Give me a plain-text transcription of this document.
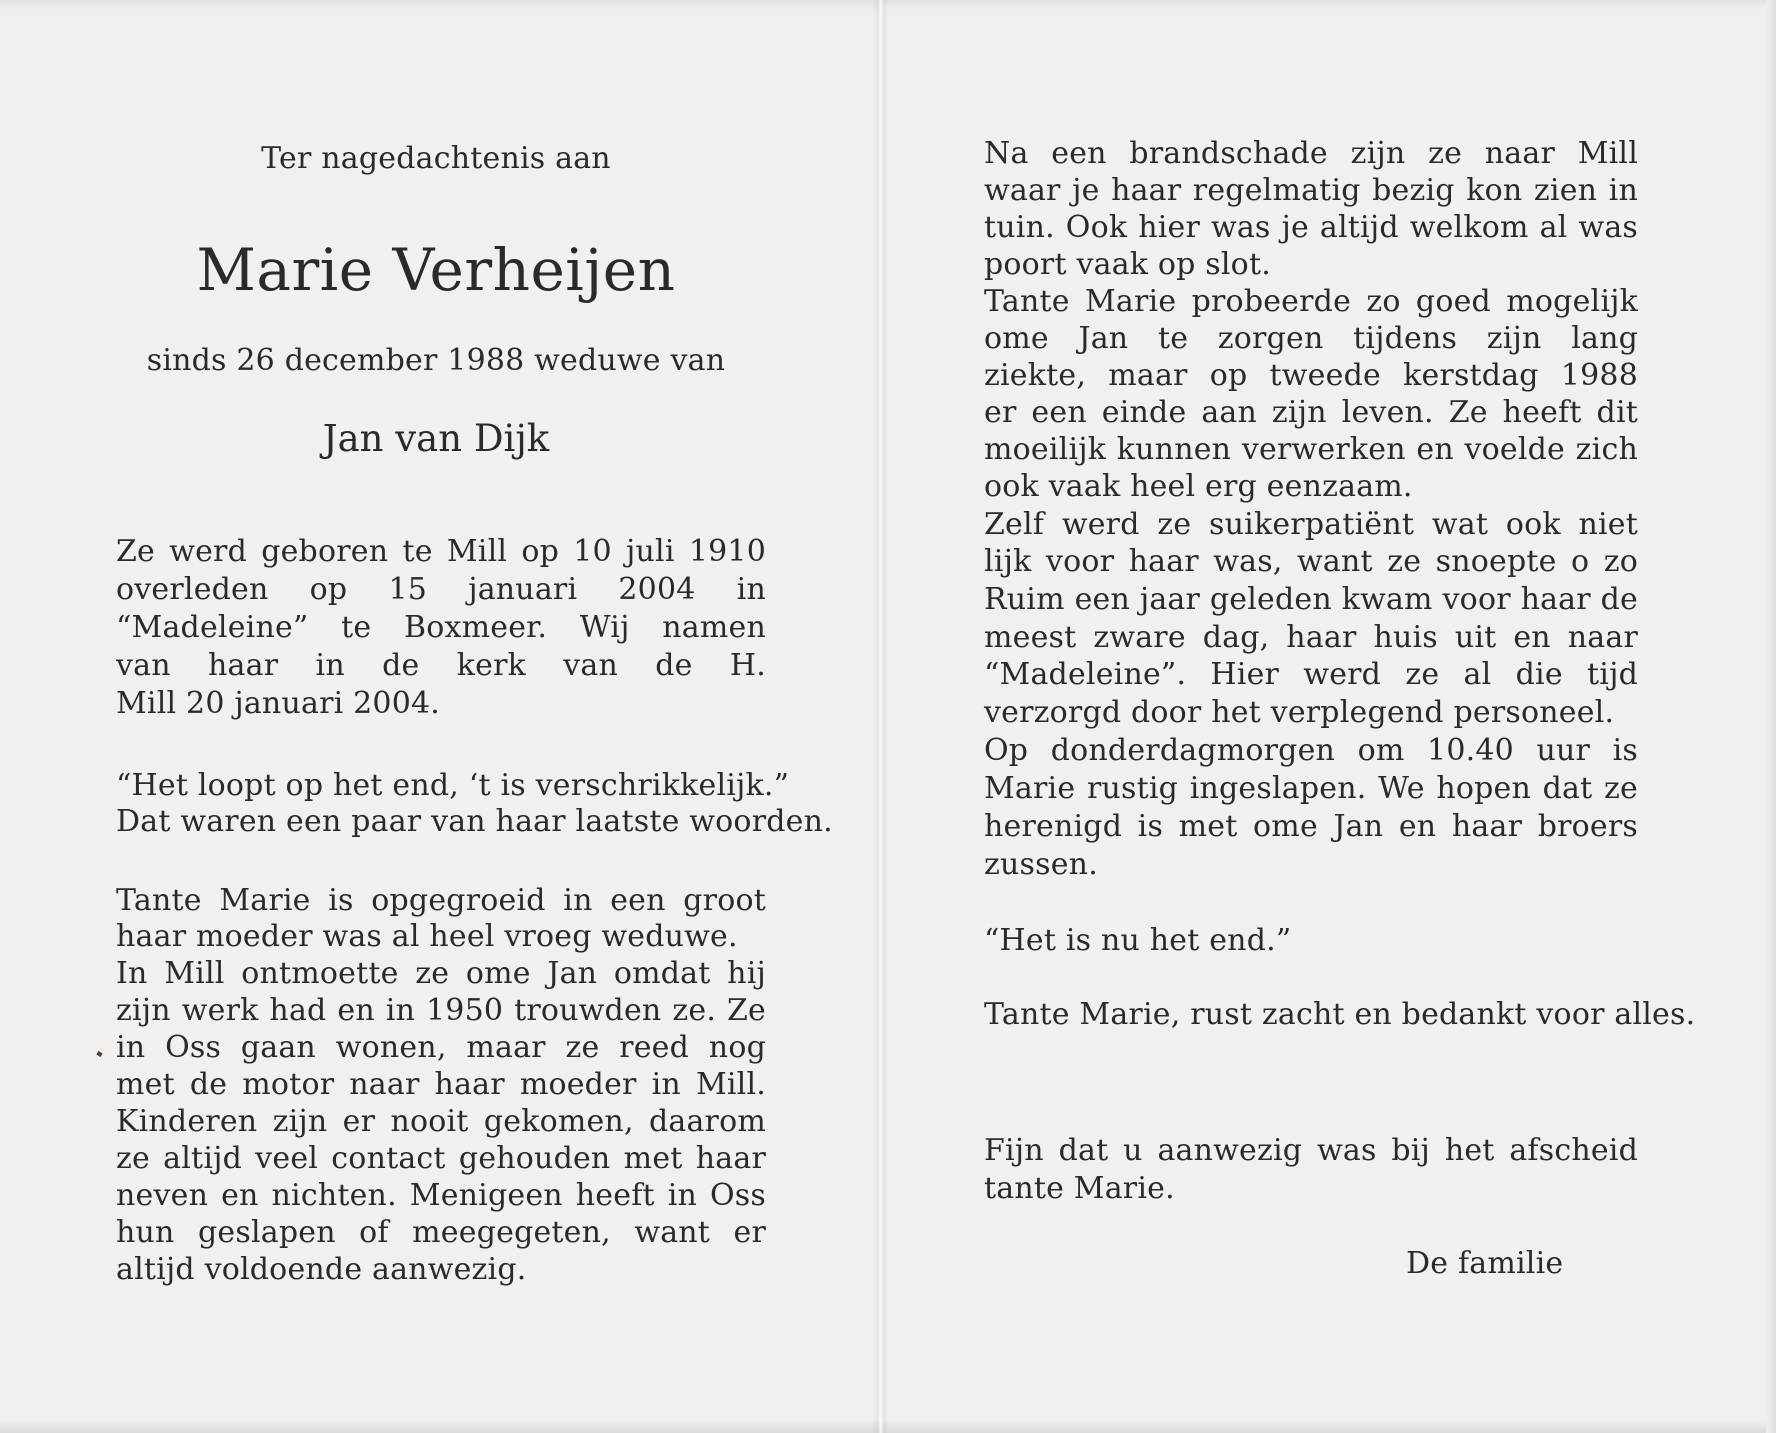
Ter nagedachtenis aan
Marie Verheijen
sinds 26 december 1988 weduwe van
Jan van Dijk
Ze werd geboren te Mill op 10 juli 1910
overleden op 15 januari 2004 in
“Madeleine” te Boxmeer. Wij namen
van haar in de kerk van de H.
Mill 20 januari 2004.
“Het loopt op het end, ‘t is verschrikkelijk.”
Dat waren een paar van haar laatste woorden.
Tante Marie is opgegroeid in een groot
haar moeder was al heel vroeg weduwe.
In Mill ontmoette ze ome Jan omdat hij
zijn werk had en in 1950 trouwden ze. Ze
in Oss gaan wonen, maar ze reed nog
met de motor naar haar moeder in Mill.
Kinderen zijn er nooit gekomen, daarom
ze altijd veel contact gehouden met haar
neven en nichten. Menigeen heeft in Oss
hun geslapen of meegegeten, want er
altijd voldoende aanwezig.
Na een brandschade zijn ze naar Mill
waar je haar regelmatig bezig kon zien in
tuin. Ook hier was je altijd welkom al was
poort vaak op slot.
Tante Marie probeerde zo goed mogelijk
ome Jan te zorgen tijdens zijn lang
ziekte, maar op tweede kerstdag 1988
er een einde aan zijn leven. Ze heeft dit
moeilijk kunnen verwerken en voelde zich
ook vaak heel erg eenzaam.
Zelf werd ze suikerpatiënt wat ook niet
lijk voor haar was, want ze snoepte o zo
Ruim een jaar geleden kwam voor haar de
meest zware dag, haar huis uit en naar
“Madeleine”. Hier werd ze al die tijd
verzorgd door het verplegend personeel.
Op donderdagmorgen om 10.40 uur is
Marie rustig ingeslapen. We hopen dat ze
herenigd is met ome Jan en haar broers
zussen.
“Het is nu het end.”
Tante Marie, rust zacht en bedankt voor alles.
Fijn dat u aanwezig was bij het afscheid
tante Marie.
De familie
